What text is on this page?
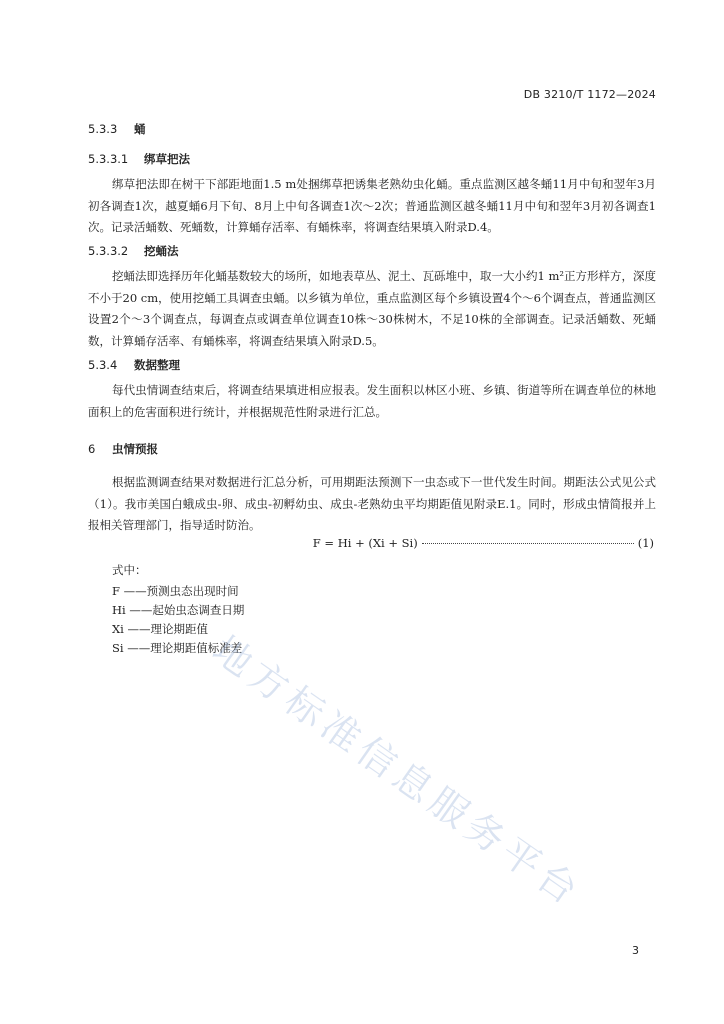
DB 3210/T 1172—2024
5.3.3 蛹
5.3.3.1 绑草把法
绑草把法即在树干下部距地面1.5 m处捆绑草把诱集老熟幼虫化蛹。重点监测区越冬蛹11月中旬和翌年3月初各调查1次，越夏蛹6月下旬、8月上中旬各调查1次～2次；普通监测区越冬蛹11月中旬和翌年3月初各调查1次。记录活蛹数、死蛹数，计算蛹存活率、有蛹株率，将调查结果填入附录D.4。
5.3.3.2 挖蛹法
挖蛹法即选择历年化蛹基数较大的场所，如地表草丛、泥土、瓦砾堆中，取一大小约1 m²正方形样方，深度不小于20 cm，使用挖蛹工具调查虫蛹。以乡镇为单位，重点监测区每个乡镇设置4个～6个调查点，普通监测区设置2个～3个调查点，每调查点或调查单位调查10株～30株树木，不足10株的全部调查。记录活蛹数、死蛹数，计算蛹存活率、有蛹株率，将调查结果填入附录D.5。
5.3.4 数据整理
每代虫情调查结束后，将调查结果填进相应报表。发生面积以林区小班、乡镇、街道等所在调查单位的林地面积上的危害面积进行统计，并根据规范性附录进行汇总。
6 虫情预报
根据监测调查结果对数据进行汇总分析，可用期距法预测下一虫态或下一世代发生时间。期距法公式见公式（1）。我市美国白蛾成虫-卵、成虫-初孵幼虫、成虫-老熟幼虫平均期距值见附录E.1。同时，形成虫情简报并上报相关管理部门，指导适时防治。
F = Hi + (Xi + Si)	(1)
式中：
F ——预测虫态出现时间
Hi ——起始虫态调查日期
Xi ——理论期距值
Si ——理论期距值标准差
地方标准信息服务平台
3
